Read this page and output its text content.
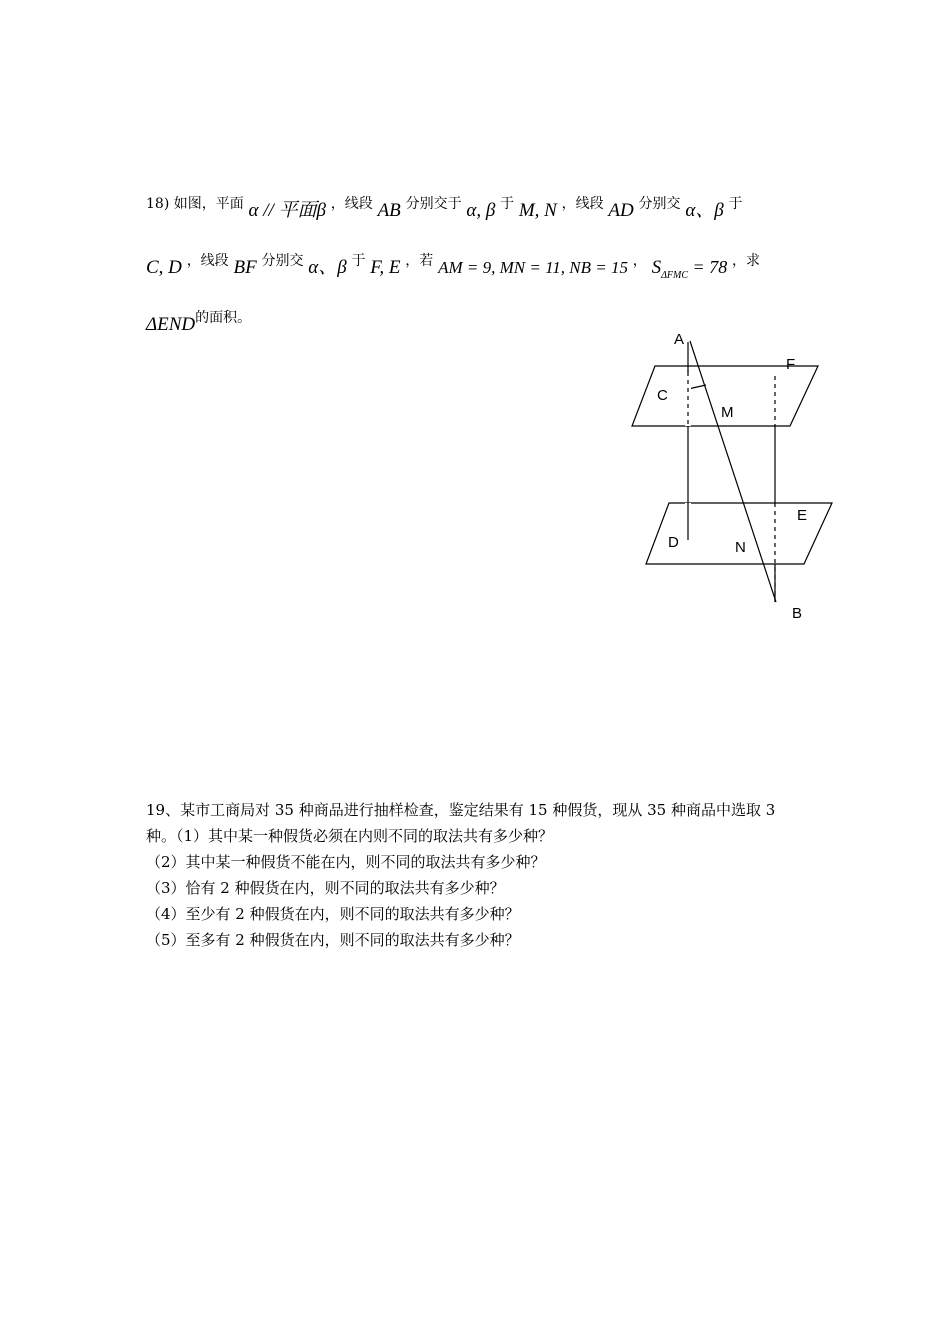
18) 如图，平面 α // 平面β ，线段 AB 分别交于 α, β 于 M, N ，线段 AD 分别交 α、β 于
C, D ，线段 BF 分别交 α、β 于 F, E ，若 AM = 9, MN = 11, NB = 15 ， $S_{\Delta FMC} = 78$ ，求
ΔEND的面积。
A
F
C
M
E
D	N
B
19、某市工商局对 35 种商品进行抽样检查，鉴定结果有 15 种假货，现从 35 种商品中选取 3
种。（1）其中某一种假货必须在内则不同的取法共有多少种？
（2）其中某一种假货不能在内，则不同的取法共有多少种？
（3）恰有 2 种假货在内，则不同的取法共有多少种？
（4）至少有 2 种假货在内，则不同的取法共有多少种？
（5）至多有 2 种假货在内，则不同的取法共有多少种？
